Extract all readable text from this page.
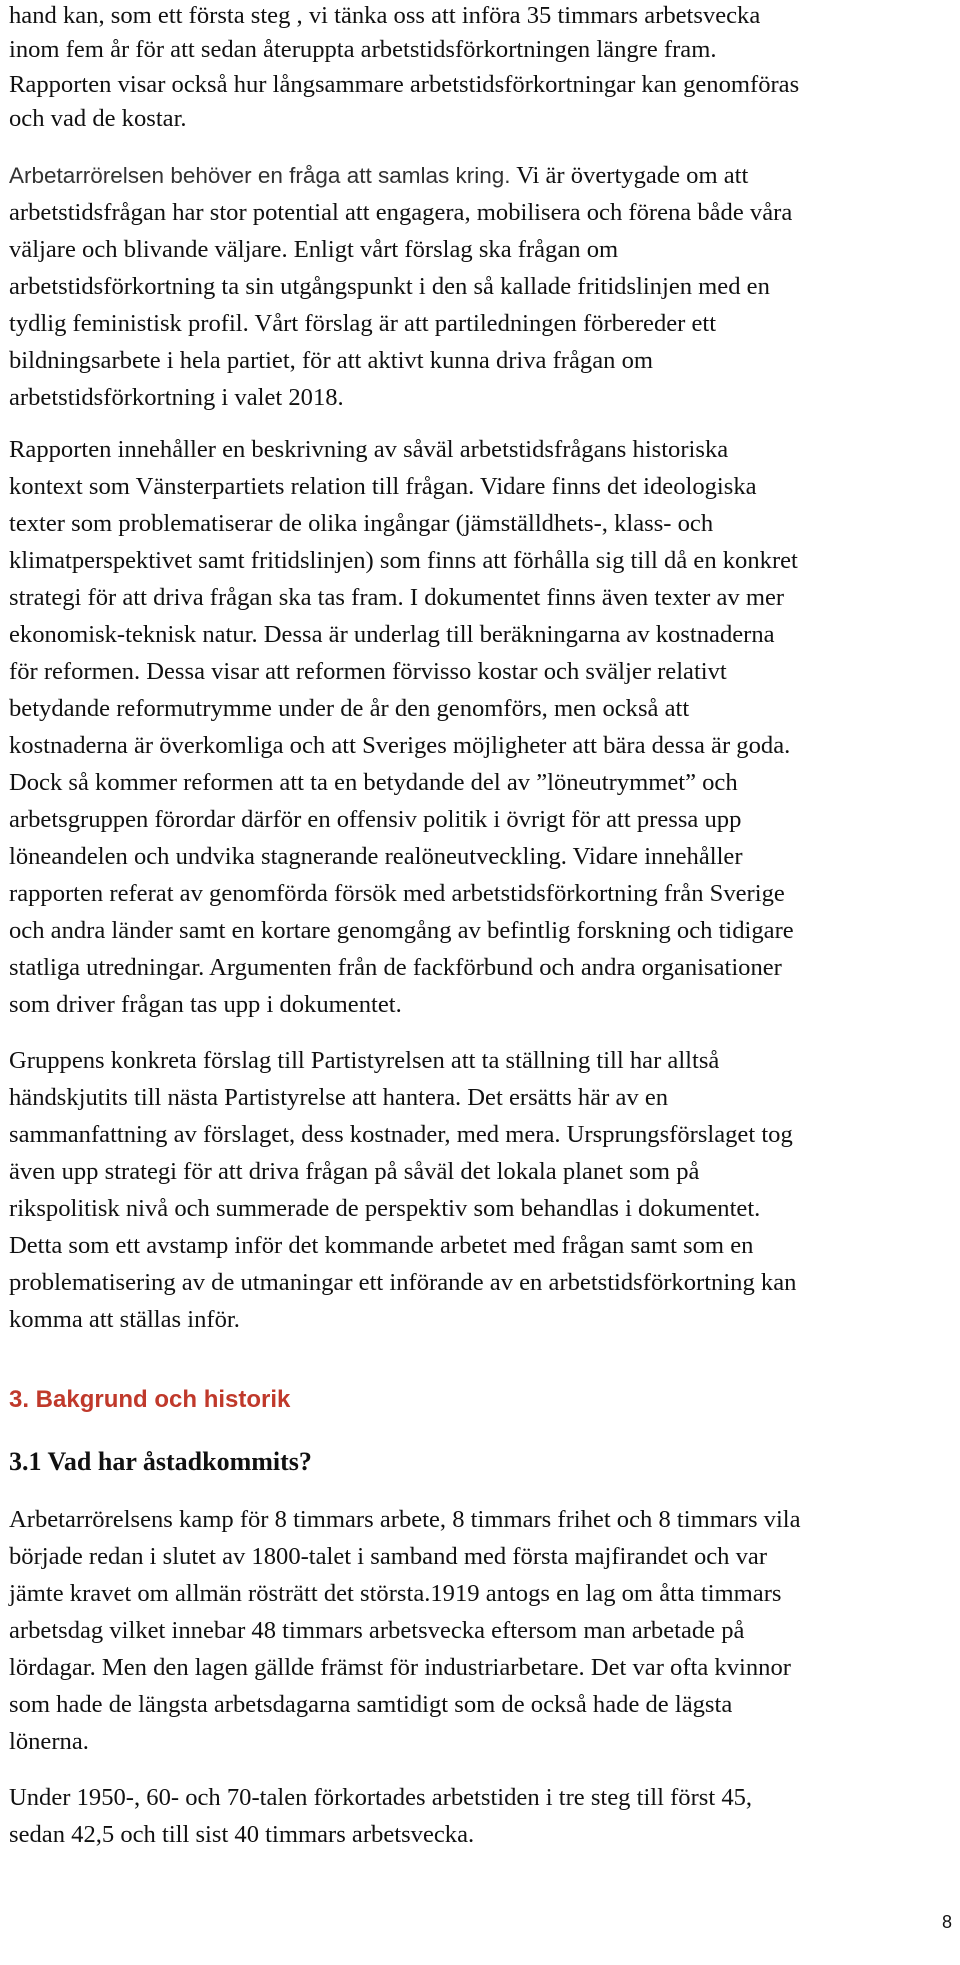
hand kan, som ett första steg , vi tänka oss att införa 35 timmars arbetsvecka
inom fem år för att sedan återuppta arbetstidsförkortningen längre fram.
Rapporten visar också hur långsammare arbetstidsförkortningar kan genomföras
och vad de kostar.
Arbetarrörelsen behöver en fråga att samlas kring. Vi är övertygade om att
arbetstidsfrågan har stor potential att engagera, mobilisera och förena både våra
väljare och blivande väljare. Enligt vårt förslag ska frågan om
arbetstidsförkortning ta sin utgångspunkt i den så kallade fritidslinjen med en
tydlig feministisk profil. Vårt förslag är att partiledningen förbereder ett
bildningsarbete i hela partiet, för att aktivt kunna driva frågan om
arbetstidsförkortning i valet 2018.
Rapporten innehåller en beskrivning av såväl arbetstidsfrågans historiska
kontext som Vänsterpartiets relation till frågan. Vidare finns det ideologiska
texter som problematiserar de olika ingångar (jämställdhets-, klass- och
klimatperspektivet samt fritidslinjen) som finns att förhålla sig till då en konkret
strategi för att driva frågan ska tas fram. I dokumentet finns även texter av mer
ekonomisk-teknisk natur. Dessa är underlag till beräkningarna av kostnaderna
för reformen. Dessa visar att reformen förvisso kostar och sväljer relativt
betydande reformutrymme under de år den genomförs, men också att
kostnaderna är överkomliga och att Sveriges möjligheter att bära dessa är goda.
Dock så kommer reformen att ta en betydande del av ”löneutrymmet” och
arbetsgruppen förordar därför en offensiv politik i övrigt för att pressa upp
löneandelen och undvika stagnerande realöneutveckling. Vidare innehåller
rapporten referat av genomförda försök med arbetstidsförkortning från Sverige
och andra länder samt en kortare genomgång av befintlig forskning och tidigare
statliga utredningar. Argumenten från de fackförbund och andra organisationer
som driver frågan tas upp i dokumentet.
Gruppens konkreta förslag till Partistyrelsen att ta ställning till har alltså
händskjutits till nästa Partistyrelse att hantera. Det ersätts här av en
sammanfattning av förslaget, dess kostnader, med mera. Ursprungsförslaget tog
även upp strategi för att driva frågan på såväl det lokala planet som på
rikspolitisk nivå och summerade de perspektiv som behandlas i dokumentet.
Detta som ett avstamp inför det kommande arbetet med frågan samt som en
problematisering av de utmaningar ett införande av en arbetstidsförkortning kan
komma att ställas inför.
3. Bakgrund och historik
3.1 Vad har åstadkommits?
Arbetarrörelsens kamp för 8 timmars arbete, 8 timmars frihet och 8 timmars vila
började redan i slutet av 1800-talet i samband med första majfirandet och var
jämte kravet om allmän rösträtt det största.1919 antogs en lag om åtta timmars
arbetsdag vilket innebar 48 timmars arbetsvecka eftersom man arbetade på
lördagar. Men den lagen gällde främst för industriarbetare. Det var ofta kvinnor
som hade de längsta arbetsdagarna samtidigt som de också hade de lägsta
lönerna.
Under 1950-, 60- och 70-talen förkortades arbetstiden i tre steg till först 45,
sedan 42,5 och till sist 40 timmars arbetsvecka.
8
